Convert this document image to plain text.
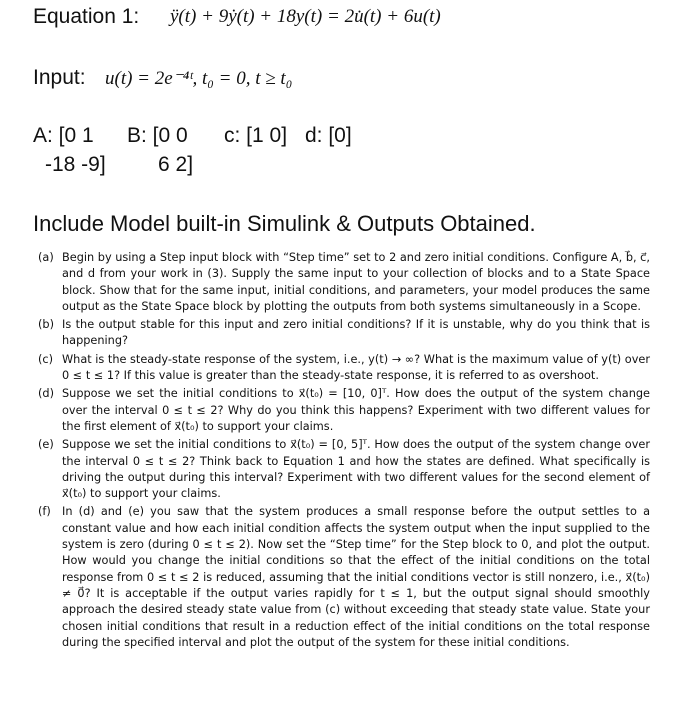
Equation 1: ÿ(t) + 9ẏ(t) + 18y(t) = 2u̇(t) + 6u(t)
Input: u(t) = 2e⁻⁴ᵗ, t₀ = 0, t ≥ t₀
A: [0 1
-18 -9]
B: [0 0
6 2]
c: [1 0] d: [0]
Include Model built-in Simulink & Outputs Obtained.
(a) Begin by using a Step input block with “Step time” set to 2 and zero initial conditions. Configure A, b⃗, c⃗, and d from your work in (3). Supply the same input to your collection of blocks and to a State Space block. Show that for the same input, initial conditions, and parameters, your model produces the same output as the State Space block by plotting the outputs from both systems simultaneously in a Scope.
(b) Is the output stable for this input and zero initial conditions? If it is unstable, why do you think that is happening?
(c) What is the steady-state response of the system, i.e., y(t) → ∞? What is the maximum value of y(t) over 0 ≤ t ≤ 1? If this value is greater than the steady-state response, it is referred to as overshoot.
(d) Suppose we set the initial conditions to x⃗(t₀) = [10, 0]ᵀ. How does the output of the system change over the interval 0 ≤ t ≤ 2? Why do you think this happens? Experiment with two different values for the first element of x⃗(t₀) to support your claims.
(e) Suppose we set the initial conditions to x⃗(t₀) = [0, 5]ᵀ. How does the output of the system change over the interval 0 ≤ t ≤ 2? Think back to Equation 1 and how the states are defined. What specifically is driving the output during this interval? Experiment with two different values for the second element of x⃗(t₀) to support your claims.
(f) In (d) and (e) you saw that the system produces a small response before the output settles to a constant value and how each initial condition affects the system output when the input supplied to the system is zero (during 0 ≤ t ≤ 2). Now set the “Step time” for the Step block to 0, and plot the output. How would you change the initial conditions so that the effect of the initial conditions on the total response from 0 ≤ t ≤ 2 is reduced, assuming that the initial conditions vector is still nonzero, i.e., x⃗(t₀) ≠ 0⃗? It is acceptable if the output varies rapidly for t ≤ 1, but the output signal should smoothly approach the desired steady state value from (c) without exceeding that steady state value. State your chosen initial conditions that result in a reduction effect of the initial conditions on the total response during the specified interval and plot the output of the system for these initial conditions.
